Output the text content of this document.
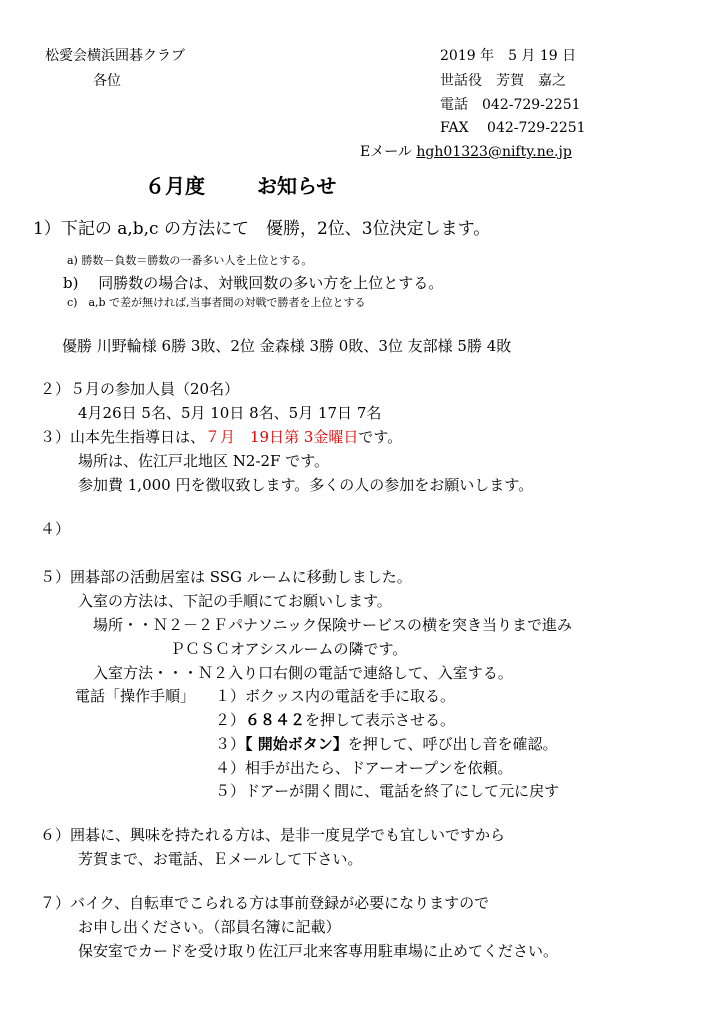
松愛会横浜囲碁クラブ
各位
2019 年　5 月 19 日
世話役　 芳賀　嘉之
電話　 042-729-2251
FAX　 042-729-2251
Eメール hgh01323@nifty.ne.jp
６月度	お知らせ
1）下記の a,b,c の方法にて　優勝，2位、3位決定します。
a) 勝数－負数＝勝数の一番多い人を上位とする。
b)　 同勝数の場合は、対戦回数の多い方を上位とする。
c)　a,b で差が無ければ,当事者間の対戦で勝者を上位とする
優勝 川野輪様 6勝 3敗、2位 金森様 3勝 0敗、3位 友部様 5勝 4敗
２）５月の参加人員（20名）
4月26日 5名、5月 10日 8名、5月 17日 7名
３）山本先生指導日は、７月　19日第 3金曜日です。
場所は、佐江戸北地区 N2-2F です。
参加費 1,000 円を徴収致します。多くの人の参加をお願いします。
４）
５）囲碁部の活動居室は SSG ルームに移動しました。
入室の方法は、下記の手順にてお願いします。
場所・・Ｎ２－２Ｆパナソニック保険サービスの横を突き当りまで進み
ＰＣＳＣオアシスルームの隣です。
入室方法・・・Ｎ２入り口右側の電話で連絡して、入室する。
電話「操作手順」 １）ボクッス内の電話を手に取る。
２）６８４２を押して表示させる。
３）【 開始ボタン】を押して、呼び出し音を確認。
４）相手が出たら、ドアーオープンを依頼。
５）ドアーが開く間に、電話を終了にして元に戻す
６）囲碁に、興味を持たれる方は、是非一度見学でも宜しいですから
芳賀まで、お電話、Ｅメールして下さい。
７）バイク、自転車でこられる方は事前登録が必要になりますので
お申し出ください。（部員名簿に記載）
保安室でカードを受け取り佐江戸北来客専用駐車場に止めてください。
